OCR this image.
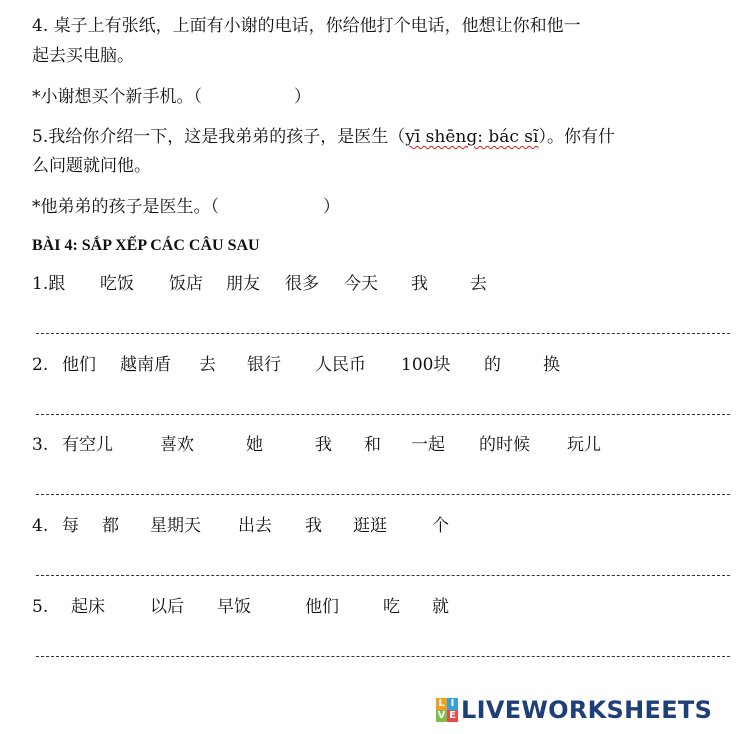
4. 桌子上有张纸，上面有小谢的电话，你给他打个电话，他想让你和他一
起去买电脑。
*小谢想买个新手机。（	）
5.我给你介绍一下，这是我弟弟的孩子，是医生（yī shēng: bác sĩ）。你有什
么问题就问他。
*他弟弟的孩子是医生。（	）
BÀI 4: SẮP XẾP CÁC CÂU SAU
1.跟 吃饭 饭店 朋友 很多 今天 我 去
2. 他们 越南盾 去 银行 人民币 100块 的 换
3. 有空儿	喜欢	她	我 和 一起 的时候 玩儿
4. 每 都 星期天 出去 我 逛逛	个
5. 起床	以后 早饭	他们	吃 就
L I
V E LIVEWORKSHEETS
